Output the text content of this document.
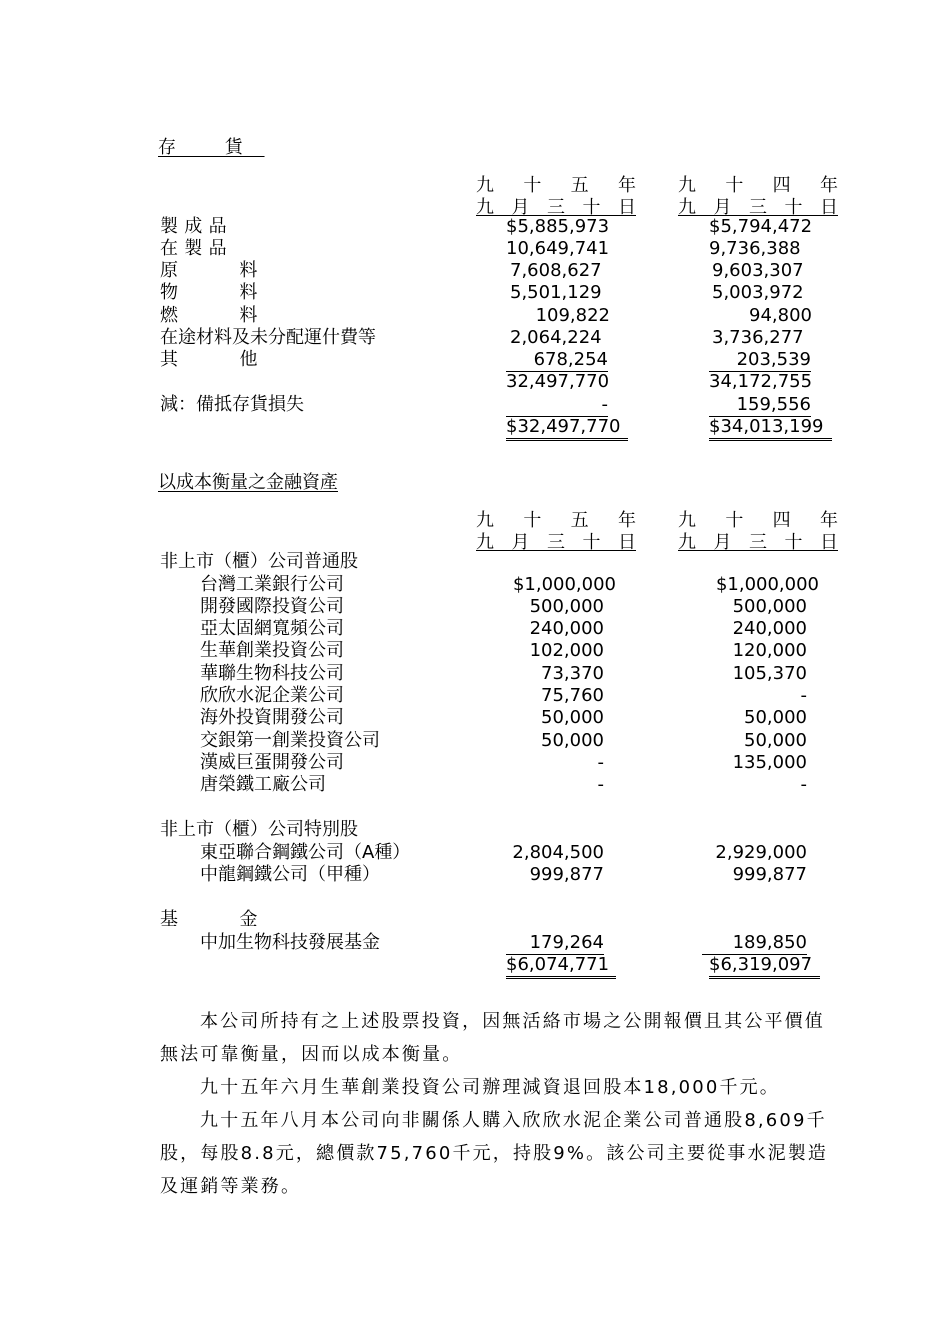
存 貨
九 十 五 年
九 月 三 十 日
九 十 四 年
九 月 三 十 日
製成品	$5,885,973	$5,794,472
在製品	10,649,741	9,736,388
原 料	7,608,627	9,603,307
物 料	5,501,129	5,003,972
燃 料	109,822	94,800
在途材料及未分配運什費等	2,064,224	3,736,277
其 他	678,254	203,539
32,497,770	34,172,755
減：備抵存貨損失	-	159,556
$32,497,770	$34,013,199
以成本衡量之金融資產
九 十 五 年
九 月 三 十 日
九 十 四 年
九 月 三 十 日
非上市（櫃）公司普通股
台灣工業銀行公司	$1,000,000	$1,000,000
開發國際投資公司	500,000	500,000
亞太固網寬頻公司	240,000	240,000
生華創業投資公司	102,000	120,000
華聯生物科技公司	73,370	105,370
欣欣水泥企業公司	75,760	-
海外投資開發公司	50,000	50,000
交銀第一創業投資公司	50,000	50,000
漢威巨蛋開發公司	-	135,000
唐榮鐵工廠公司	-	-
非上市（櫃）公司特別股
東亞聯合鋼鐵公司（A種）	2,804,500	2,929,000
中龍鋼鐵公司（甲種）	999,877	999,877
基 金
中加生物科技發展基金	179,264	189,850
$6,074,771	$6,319,097
本公司所持有之上述股票投資，因無活絡市場之公開報價且其公平價值無法可靠衡量，因而以成本衡量。
九十五年六月生華創業投資公司辦理減資退回股本18,000千元。
九十五年八月本公司向非關係人購入欣欣水泥企業公司普通股8,609千股，每股8.8元，總價款75,760千元，持股9%。該公司主要從事水泥製造及運銷等業務。
